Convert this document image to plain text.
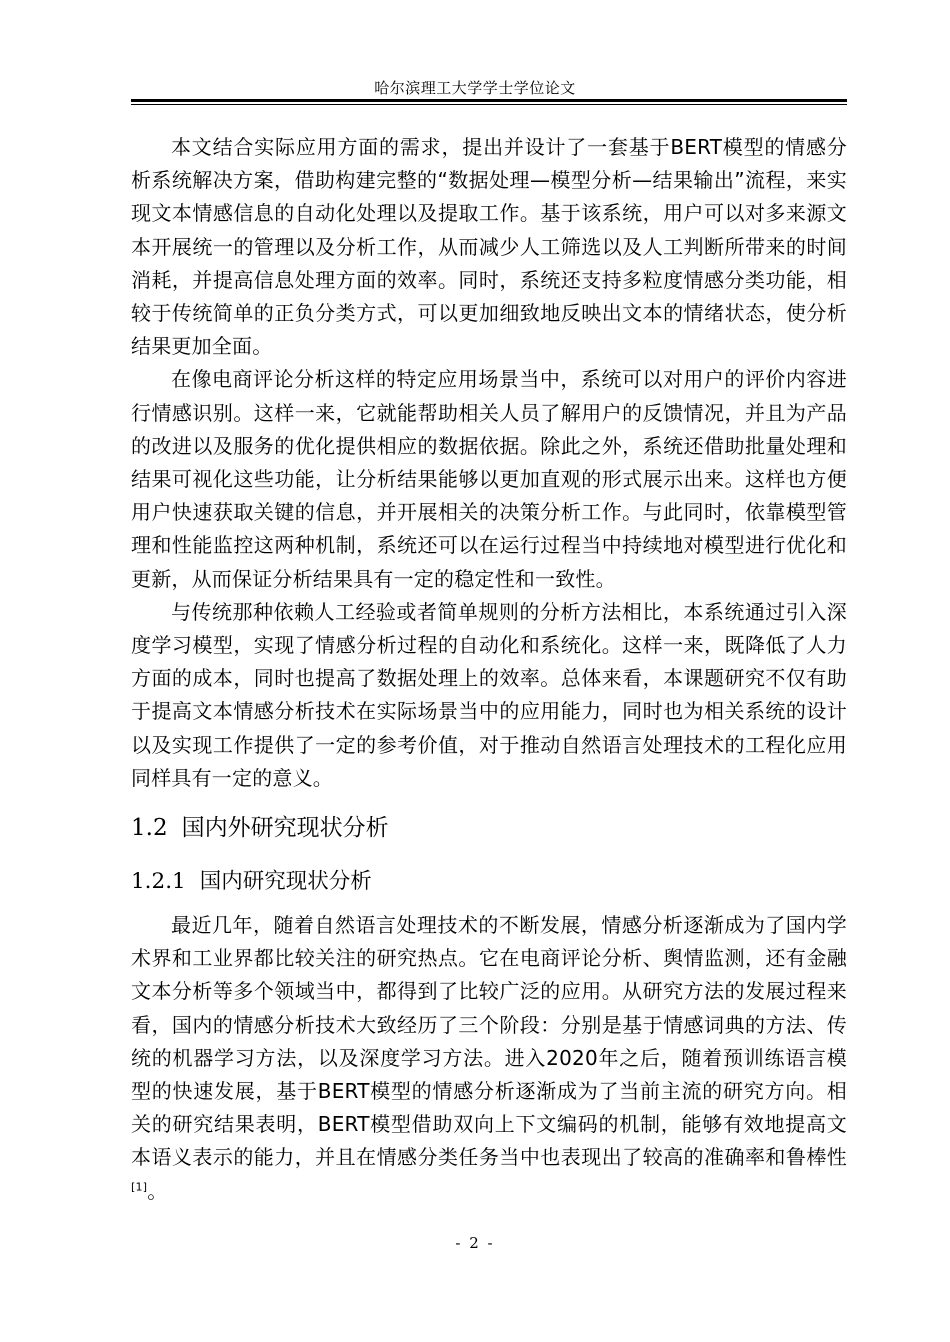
哈尔滨理工大学学士学位论文

本文结合实际应用方面的需求，提出并设计了一套基于BERT模型的情感分析系统解决方案，借助构建完整的“数据处理—模型分析—结果输出”流程，来实现文本情感信息的自动化处理以及提取工作。基于该系统，用户可以对多来源文本开展统一的管理以及分析工作，从而减少人工筛选以及人工判断所带来的时间消耗，并提高信息处理方面的效率。同时，系统还支持多粒度情感分类功能，相较于传统简单的正负分类方式，可以更加细致地反映出文本的情绪状态，使分析结果更加全面。

在像电商评论分析这样的特定应用场景当中，系统可以对用户的评价内容进行情感识别。这样一来，它就能帮助相关人员了解用户的反馈情况，并且为产品的改进以及服务的优化提供相应的数据依据。除此之外，系统还借助批量处理和结果可视化这些功能，让分析结果能够以更加直观的形式展示出来。这样也方便用户快速获取关键的信息，并开展相关的决策分析工作。与此同时，依靠模型管理和性能监控这两种机制，系统还可以在运行过程当中持续地对模型进行优化和更新，从而保证分析结果具有一定的稳定性和一致性。

与传统那种依赖人工经验或者简单规则的分析方法相比，本系统通过引入深度学习模型，实现了情感分析过程的自动化和系统化。这样一来，既降低了人力方面的成本，同时也提高了数据处理上的效率。总体来看，本课题研究不仅有助于提高文本情感分析技术在实际场景当中的应用能力，同时也为相关系统的设计以及实现工作提供了一定的参考价值，对于推动自然语言处理技术的工程化应用同样具有一定的意义。

1.2 国内外研究现状分析
1.2.1 国内研究现状分析

最近几年，随着自然语言处理技术的不断发展，情感分析逐渐成为了国内学术界和工业界都比较关注的研究热点。它在电商评论分析、舆情监测，还有金融文本分析等多个领域当中，都得到了比较广泛的应用。从研究方法的发展过程来看，国内的情感分析技术大致经历了三个阶段：分别是基于情感词典的方法、传统的机器学习方法，以及深度学习方法。进入2020年之后，随着预训练语言模型的快速发展，基于BERT模型的情感分析逐渐成为了当前主流的研究方向。相关的研究结果表明，BERT模型借助双向上下文编码的机制，能够有效地提高文本语义表示的能力，并且在情感分类任务当中也表现出了较高的准确率和鲁棒性[1]。

- 2 -
